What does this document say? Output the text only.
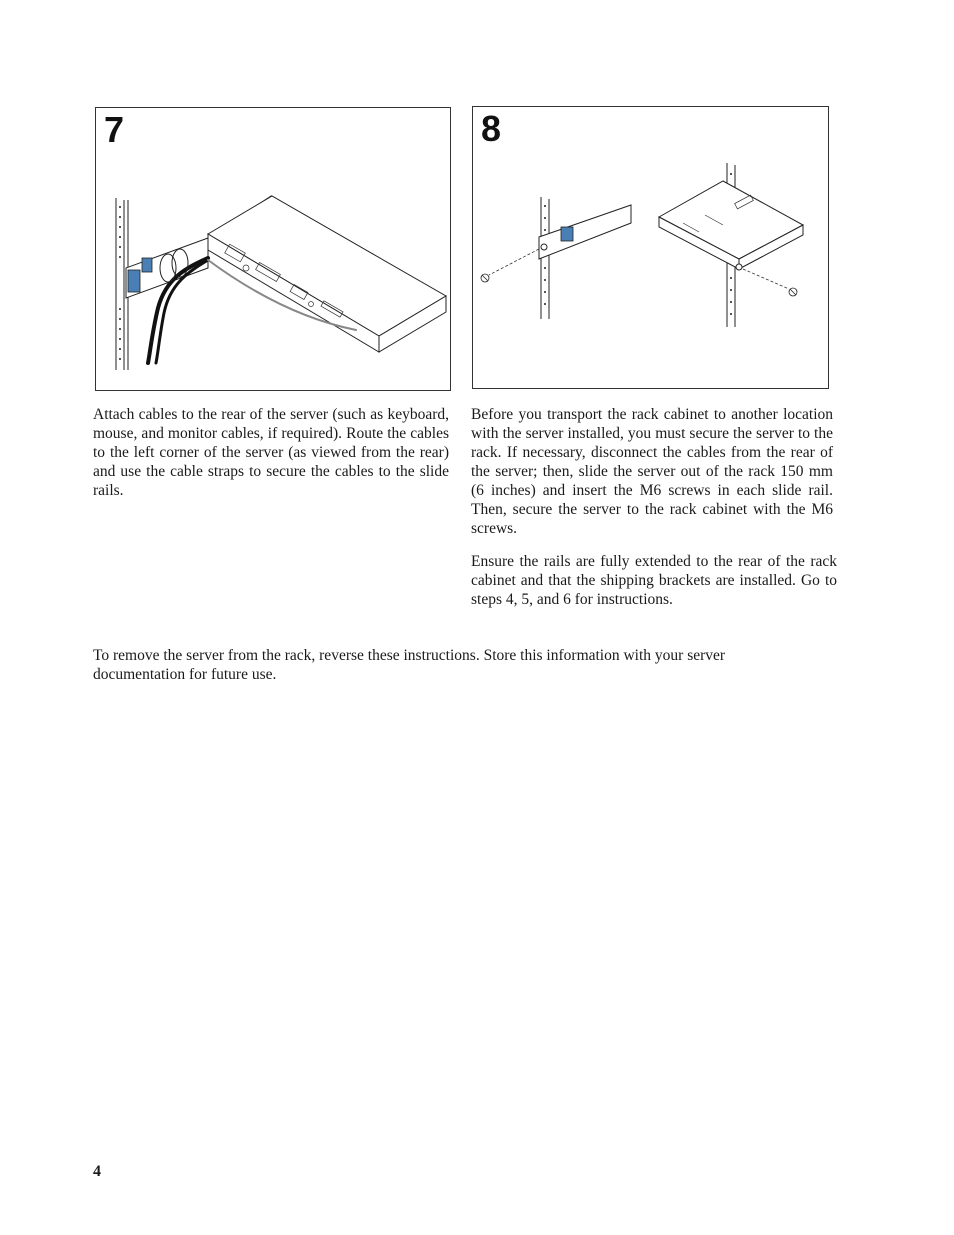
7	8

Attach cables to the rear of the server (such as keyboard, mouse, and monitor cables, if required). Route the cables to the left corner of the server (as viewed from the rear) and use the cable straps to secure the cables to the slide rails.

Before you transport the rack cabinet to another location with the server installed, you must secure the server to the rack. If necessary, disconnect the cables from the rear of the server; then, slide the server out of the rack 150 mm (6 inches) and insert the M6 screws in each slide rail. Then, secure the server to the rack cabinet with the M6 screws.

Ensure the rails are fully extended to the rear of the rack cabinet and that the shipping brackets are installed. Go to steps 4, 5, and 6 for instructions.

To remove the server from the rack, reverse these instructions. Store this information with your server documentation for future use.

4
